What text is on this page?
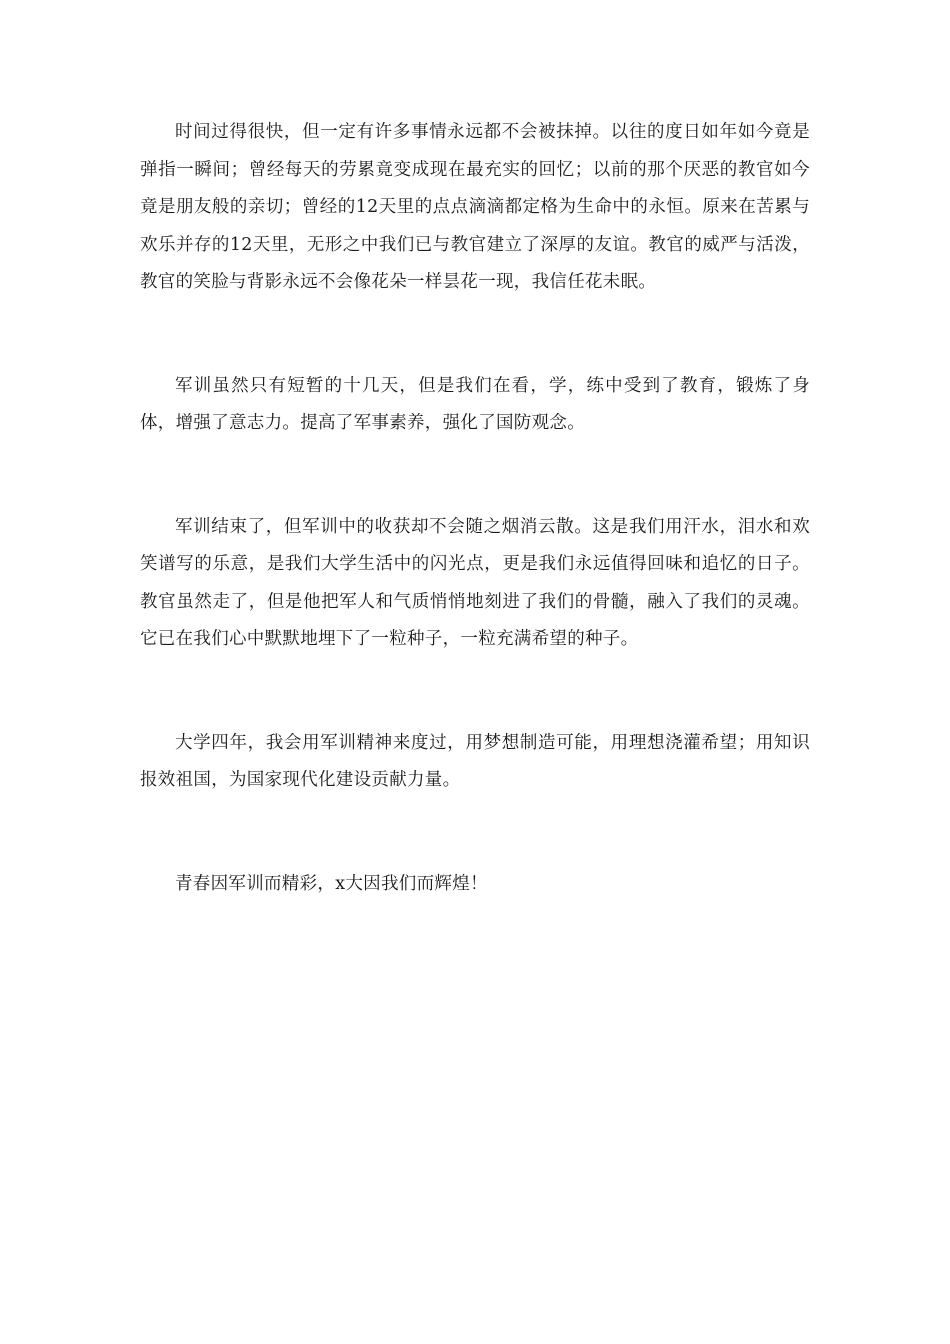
时间过得很快，但一定有许多事情永远都不会被抹掉。以往的度日如年如今竟是弹指一瞬间；曾经每天的劳累竟变成现在最充实的回忆；以前的那个厌恶的教官如今竟是朋友般的亲切；曾经的12天里的点点滴滴都定格为生命中的永恒。原来在苦累与欢乐并存的12天里，无形之中我们已与教官建立了深厚的友谊。教官的威严与活泼，教官的笑脸与背影永远不会像花朵一样昙花一现，我信任花未眠。

军训虽然只有短暂的十几天，但是我们在看，学，练中受到了教育，锻炼了身体，增强了意志力。提高了军事素养，强化了国防观念。

军训结束了，但军训中的收获却不会随之烟消云散。这是我们用汗水，泪水和欢笑谱写的乐意，是我们大学生活中的闪光点，更是我们永远值得回味和追忆的日子。教官虽然走了，但是他把军人和气质悄悄地刻进了我们的骨髓，融入了我们的灵魂。它已在我们心中默默地埋下了一粒种子，一粒充满希望的种子。

大学四年，我会用军训精神来度过，用梦想制造可能，用理想浇灌希望；用知识报效祖国，为国家现代化建设贡献力量。

青春因军训而精彩，x大因我们而辉煌！
